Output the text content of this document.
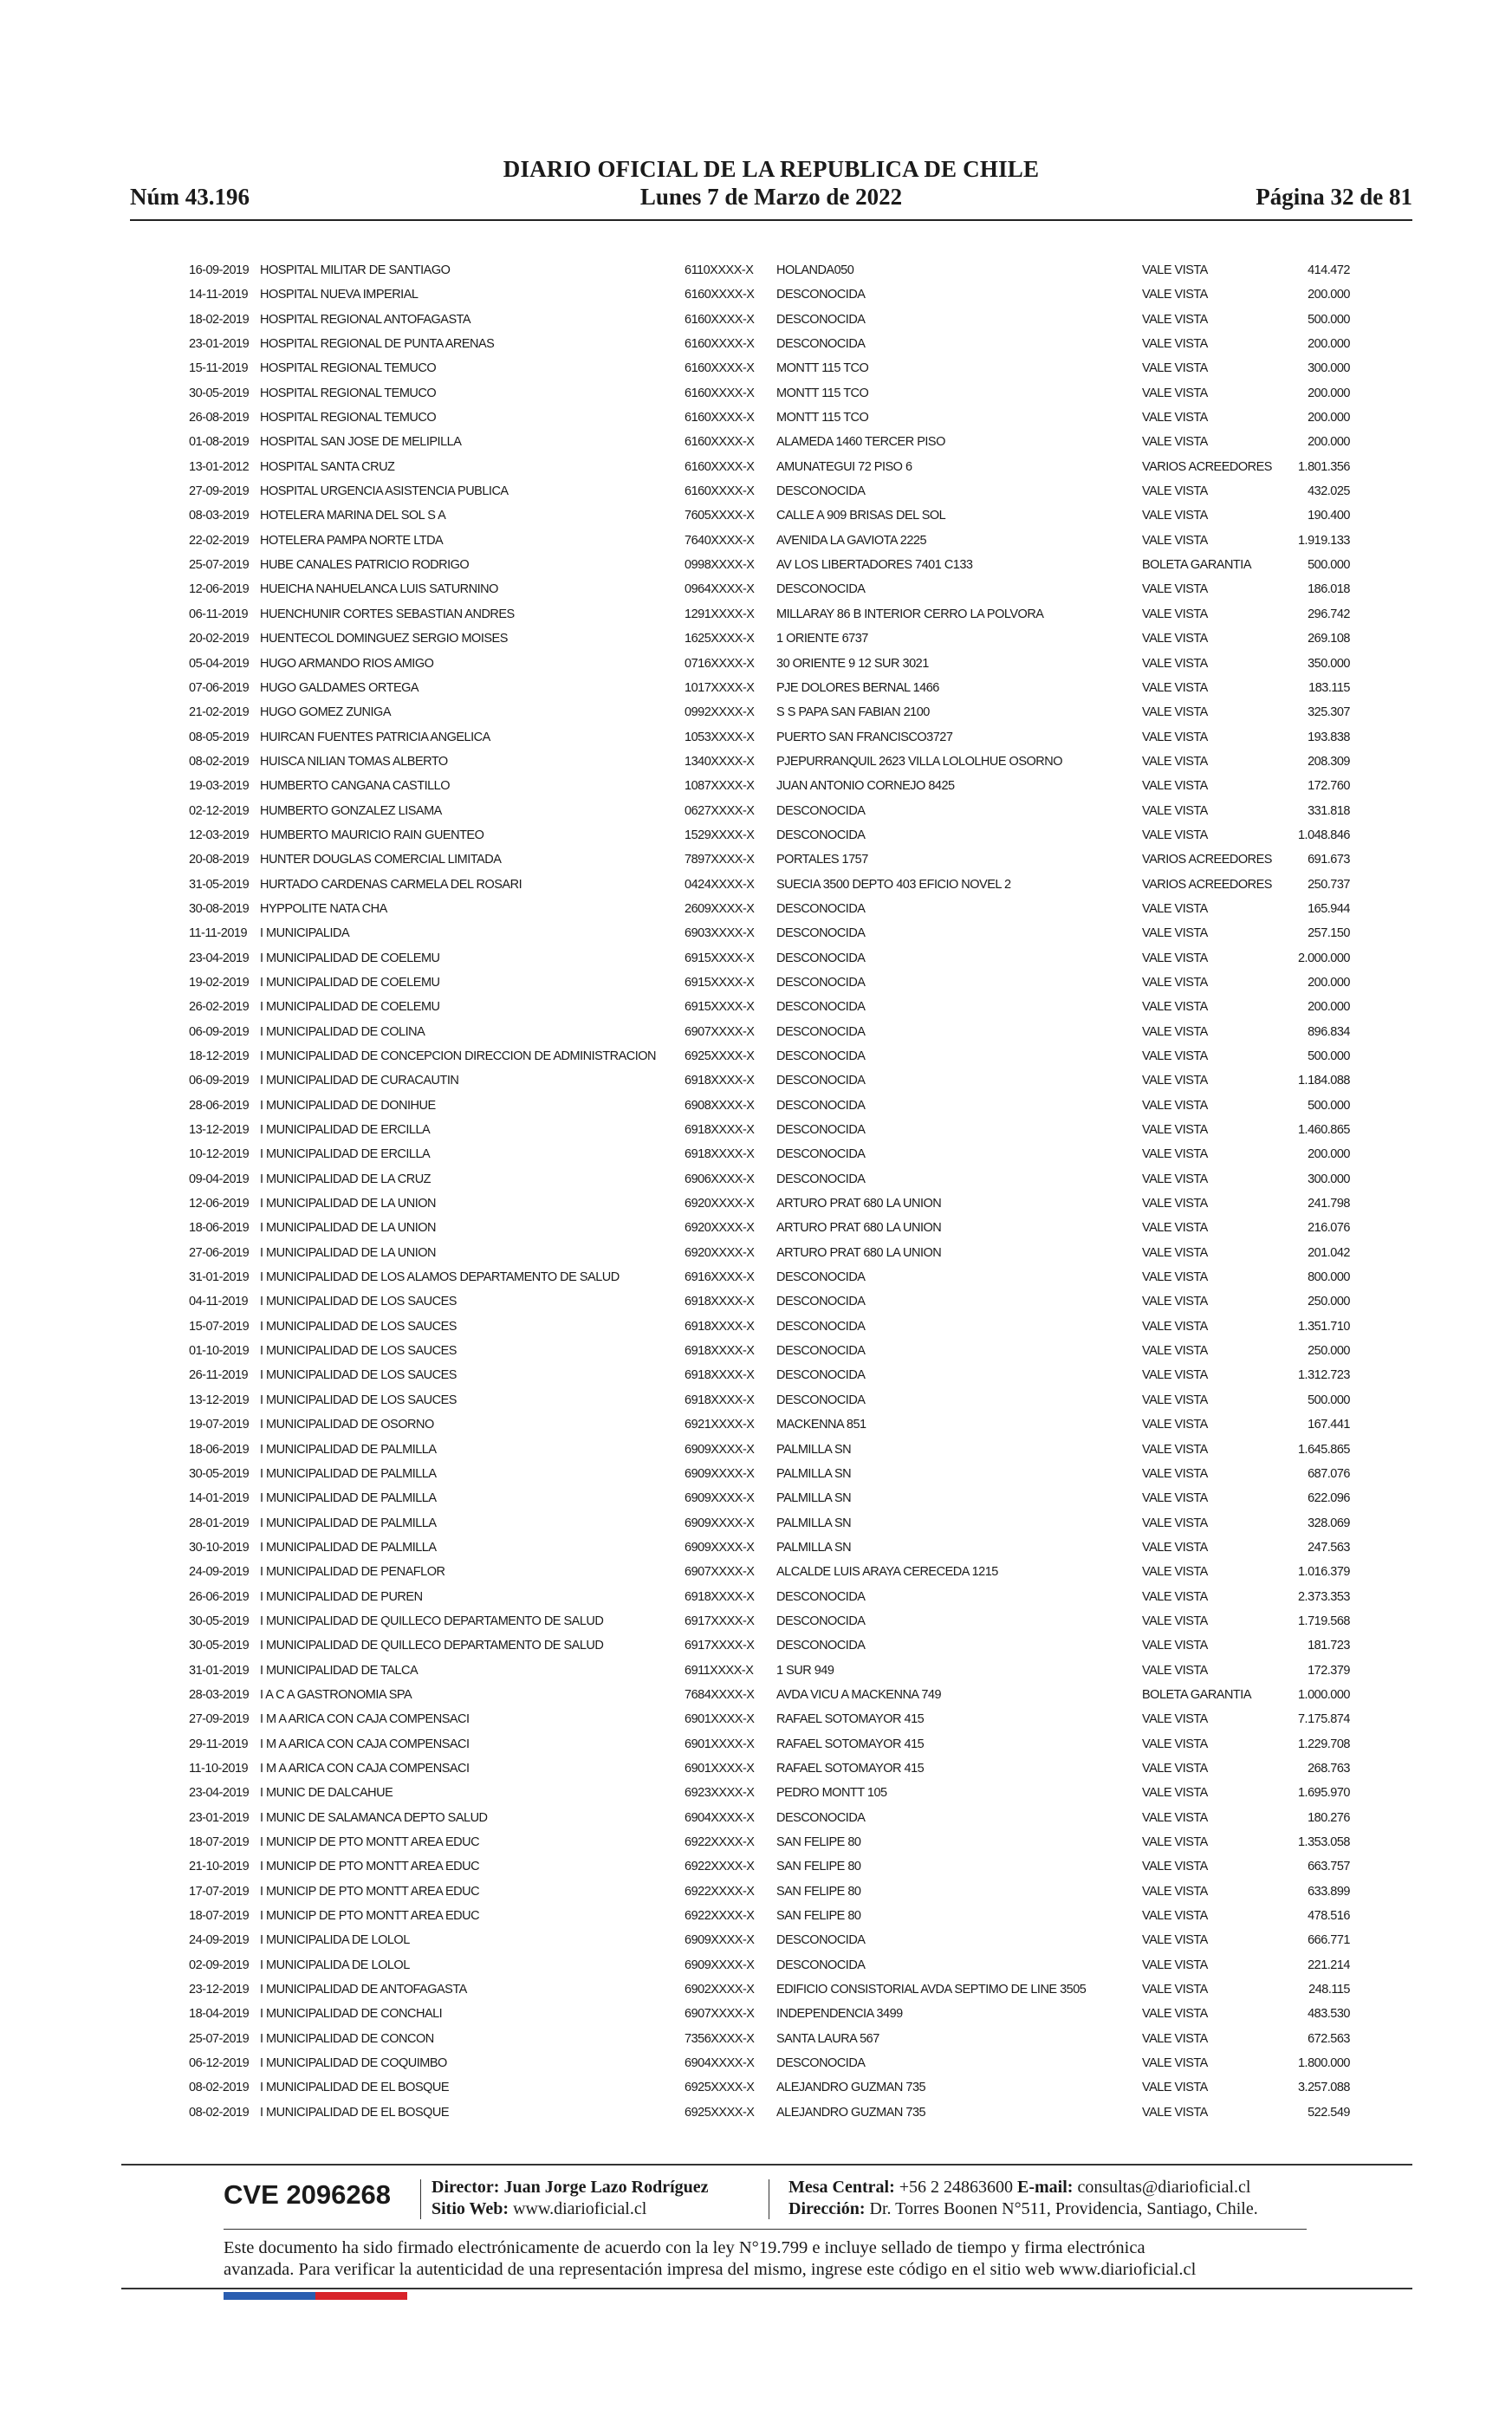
DIARIO OFICIAL DE LA REPUBLICA DE CHILE
Núm 43.196	Lunes 7 de Marzo de 2022	Página 32 de 81
16-09-2019 HOSPITAL MILITAR DE SANTIAGO	6110XXXX-X HOLANDA050	VALE VISTA	414.472
14-11-2019 HOSPITAL NUEVA IMPERIAL	6160XXXX-X DESCONOCIDA	VALE VISTA	200.000
18-02-2019 HOSPITAL REGIONAL ANTOFAGASTA	6160XXXX-X DESCONOCIDA	VALE VISTA	500.000
23-01-2019 HOSPITAL REGIONAL DE PUNTA ARENAS	6160XXXX-X DESCONOCIDA	VALE VISTA	200.000
15-11-2019 HOSPITAL REGIONAL TEMUCO	6160XXXX-X MONTT 115 TCO	VALE VISTA	300.000
30-05-2019 HOSPITAL REGIONAL TEMUCO	6160XXXX-X MONTT 115 TCO	VALE VISTA	200.000
26-08-2019 HOSPITAL REGIONAL TEMUCO	6160XXXX-X MONTT 115 TCO	VALE VISTA	200.000
01-08-2019 HOSPITAL SAN JOSE DE MELIPILLA	6160XXXX-X ALAMEDA 1460 TERCER PISO	VALE VISTA	200.000
13-01-2012 HOSPITAL SANTA CRUZ	6160XXXX-X AMUNATEGUI 72 PISO 6	VARIOS ACREEDORES 1.801.356
27-09-2019 HOSPITAL URGENCIA ASISTENCIA PUBLICA	6160XXXX-X DESCONOCIDA	VALE VISTA	432.025
08-03-2019 HOTELERA MARINA DEL SOL S A	7605XXXX-X CALLE A 909 BRISAS DEL SOL	VALE VISTA	190.400
22-02-2019 HOTELERA PAMPA NORTE LTDA	7640XXXX-X AVENIDA LA GAVIOTA 2225	VALE VISTA	1.919.133
25-07-2019 HUBE CANALES PATRICIO RODRIGO	0998XXXX-X AV LOS LIBERTADORES 7401 C133	BOLETA GARANTIA	500.000
12-06-2019 HUEICHA NAHUELANCA LUIS SATURNINO	0964XXXX-X DESCONOCIDA	VALE VISTA	186.018
06-11-2019 HUENCHUNIR CORTES SEBASTIAN ANDRES	1291XXXX-X MILLARAY 86 B INTERIOR CERRO LA POLVORA	VALE VISTA	296.742
20-02-2019 HUENTECOL DOMINGUEZ SERGIO MOISES	1625XXXX-X 1 ORIENTE 6737	VALE VISTA	269.108
05-04-2019 HUGO ARMANDO RIOS AMIGO	0716XXXX-X 30 ORIENTE 9 12 SUR 3021	VALE VISTA	350.000
07-06-2019 HUGO GALDAMES ORTEGA	1017XXXX-X PJE DOLORES BERNAL 1466	VALE VISTA	183.115
21-02-2019 HUGO GOMEZ ZUNIGA	0992XXXX-X S S PAPA SAN FABIAN 2100	VALE VISTA	325.307
08-05-2019 HUIRCAN FUENTES PATRICIA ANGELICA	1053XXXX-X PUERTO SAN FRANCISCO3727	VALE VISTA	193.838
08-02-2019 HUISCA NILIAN TOMAS ALBERTO	1340XXXX-X PJEPURRANQUIL 2623 VILLA LOLOLHUE OSORNO	VALE VISTA	208.309
19-03-2019 HUMBERTO CANGANA CASTILLO	1087XXXX-X JUAN ANTONIO CORNEJO 8425	VALE VISTA	172.760
02-12-2019 HUMBERTO GONZALEZ LISAMA	0627XXXX-X DESCONOCIDA	VALE VISTA	331.818
12-03-2019 HUMBERTO MAURICIO RAIN GUENTEO	1529XXXX-X DESCONOCIDA	VALE VISTA	1.048.846
20-08-2019 HUNTER DOUGLAS COMERCIAL LIMITADA	7897XXXX-X PORTALES 1757	VARIOS ACREEDORES	691.673
31-05-2019 HURTADO CARDENAS CARMELA DEL ROSARI	0424XXXX-X SUECIA 3500 DEPTO 403 EFICIO NOVEL 2	VARIOS ACREEDORES	250.737
30-08-2019 HYPPOLITE NATA CHA	2609XXXX-X DESCONOCIDA	VALE VISTA	165.944
11-11-2019 I MUNICIPALIDA	6903XXXX-X DESCONOCIDA	VALE VISTA	257.150
23-04-2019 I MUNICIPALIDAD DE COELEMU	6915XXXX-X DESCONOCIDA	VALE VISTA	2.000.000
19-02-2019 I MUNICIPALIDAD DE COELEMU	6915XXXX-X DESCONOCIDA	VALE VISTA	200.000
26-02-2019 I MUNICIPALIDAD DE COELEMU	6915XXXX-X DESCONOCIDA	VALE VISTA	200.000
06-09-2019 I MUNICIPALIDAD DE COLINA	6907XXXX-X DESCONOCIDA	VALE VISTA	896.834
18-12-2019 I MUNICIPALIDAD DE CONCEPCION DIRECCION DE ADMINISTRACION 6925XXXX-X DESCONOCIDA	VALE VISTA	500.000
06-09-2019 I MUNICIPALIDAD DE CURACAUTIN	6918XXXX-X DESCONOCIDA	VALE VISTA	1.184.088
28-06-2019 I MUNICIPALIDAD DE DONIHUE	6908XXXX-X DESCONOCIDA	VALE VISTA	500.000
13-12-2019 I MUNICIPALIDAD DE ERCILLA	6918XXXX-X DESCONOCIDA	VALE VISTA	1.460.865
10-12-2019 I MUNICIPALIDAD DE ERCILLA	6918XXXX-X DESCONOCIDA	VALE VISTA	200.000
09-04-2019 I MUNICIPALIDAD DE LA CRUZ	6906XXXX-X DESCONOCIDA	VALE VISTA	300.000
12-06-2019 I MUNICIPALIDAD DE LA UNION	6920XXXX-X ARTURO PRAT 680 LA UNION	VALE VISTA	241.798
18-06-2019 I MUNICIPALIDAD DE LA UNION	6920XXXX-X ARTURO PRAT 680 LA UNION	VALE VISTA	216.076
27-06-2019 I MUNICIPALIDAD DE LA UNION	6920XXXX-X ARTURO PRAT 680 LA UNION	VALE VISTA	201.042
31-01-2019 I MUNICIPALIDAD DE LOS ALAMOS DEPARTAMENTO DE SALUD	6916XXXX-X DESCONOCIDA	VALE VISTA	800.000
04-11-2019 I MUNICIPALIDAD DE LOS SAUCES	6918XXXX-X DESCONOCIDA	VALE VISTA	250.000
15-07-2019 I MUNICIPALIDAD DE LOS SAUCES	6918XXXX-X DESCONOCIDA	VALE VISTA	1.351.710
01-10-2019 I MUNICIPALIDAD DE LOS SAUCES	6918XXXX-X DESCONOCIDA	VALE VISTA	250.000
26-11-2019 I MUNICIPALIDAD DE LOS SAUCES	6918XXXX-X DESCONOCIDA	VALE VISTA	1.312.723
13-12-2019 I MUNICIPALIDAD DE LOS SAUCES	6918XXXX-X DESCONOCIDA	VALE VISTA	500.000
19-07-2019 I MUNICIPALIDAD DE OSORNO	6921XXXX-X MACKENNA 851	VALE VISTA	167.441
18-06-2019 I MUNICIPALIDAD DE PALMILLA	6909XXXX-X PALMILLA SN	VALE VISTA	1.645.865
30-05-2019 I MUNICIPALIDAD DE PALMILLA	6909XXXX-X PALMILLA SN	VALE VISTA	687.076
14-01-2019 I MUNICIPALIDAD DE PALMILLA	6909XXXX-X PALMILLA SN	VALE VISTA	622.096
28-01-2019 I MUNICIPALIDAD DE PALMILLA	6909XXXX-X PALMILLA SN	VALE VISTA	328.069
30-10-2019 I MUNICIPALIDAD DE PALMILLA	6909XXXX-X PALMILLA SN	VALE VISTA	247.563
24-09-2019 I MUNICIPALIDAD DE PENAFLOR	6907XXXX-X ALCALDE LUIS ARAYA CERECEDA 1215	VALE VISTA	1.016.379
26-06-2019 I MUNICIPALIDAD DE PUREN	6918XXXX-X DESCONOCIDA	VALE VISTA	2.373.353
30-05-2019 I MUNICIPALIDAD DE QUILLECO DEPARTAMENTO DE SALUD	6917XXXX-X DESCONOCIDA	VALE VISTA	1.719.568
30-05-2019 I MUNICIPALIDAD DE QUILLECO DEPARTAMENTO DE SALUD	6917XXXX-X DESCONOCIDA	VALE VISTA	181.723
31-01-2019 I MUNICIPALIDAD DE TALCA	6911XXXX-X 1 SUR 949	VALE VISTA	172.379
28-03-2019 I A C A GASTRONOMIA SPA	7684XXXX-X AVDA VICU A MACKENNA 749	BOLETA GARANTIA	1.000.000
27-09-2019 I M A ARICA CON CAJA COMPENSACI	6901XXXX-X RAFAEL SOTOMAYOR 415	VALE VISTA	7.175.874
29-11-2019 I M A ARICA CON CAJA COMPENSACI	6901XXXX-X RAFAEL SOTOMAYOR 415	VALE VISTA	1.229.708
11-10-2019 I M A ARICA CON CAJA COMPENSACI	6901XXXX-X RAFAEL SOTOMAYOR 415	VALE VISTA	268.763
23-04-2019 I MUNIC DE DALCAHUE	6923XXXX-X PEDRO MONTT 105	VALE VISTA	1.695.970
23-01-2019 I MUNIC DE SALAMANCA DEPTO SALUD	6904XXXX-X DESCONOCIDA	VALE VISTA	180.276
18-07-2019 I MUNICIP DE PTO MONTT AREA EDUC	6922XXXX-X SAN FELIPE 80	VALE VISTA	1.353.058
21-10-2019 I MUNICIP DE PTO MONTT AREA EDUC	6922XXXX-X SAN FELIPE 80	VALE VISTA	663.757
17-07-2019 I MUNICIP DE PTO MONTT AREA EDUC	6922XXXX-X SAN FELIPE 80	VALE VISTA	633.899
18-07-2019 I MUNICIP DE PTO MONTT AREA EDUC	6922XXXX-X SAN FELIPE 80	VALE VISTA	478.516
24-09-2019 I MUNICIPALIDA DE LOLOL	6909XXXX-X DESCONOCIDA	VALE VISTA	666.771
02-09-2019 I MUNICIPALIDA DE LOLOL	6909XXXX-X DESCONOCIDA	VALE VISTA	221.214
23-12-2019 I MUNICIPALIDAD DE ANTOFAGASTA	6902XXXX-X EDIFICIO CONSISTORIAL AVDA SEPTIMO DE LINE 3505	VALE VISTA	248.115
18-04-2019 I MUNICIPALIDAD DE CONCHALI	6907XXXX-X INDEPENDENCIA 3499	VALE VISTA	483.530
25-07-2019 I MUNICIPALIDAD DE CONCON	7356XXXX-X SANTA LAURA 567	VALE VISTA	672.563
06-12-2019 I MUNICIPALIDAD DE COQUIMBO	6904XXXX-X DESCONOCIDA	VALE VISTA	1.800.000
08-02-2019 I MUNICIPALIDAD DE EL BOSQUE	6925XXXX-X ALEJANDRO GUZMAN 735	VALE VISTA	3.257.088
08-02-2019 I MUNICIPALIDAD DE EL BOSQUE	6925XXXX-X ALEJANDRO GUZMAN 735	VALE VISTA	522.549
CVE 2096268 Director: Juan Jorge Lazo Rodríguez
Sitio Web: www.diarioficial.cl
Mesa Central: +56 2 24863600 E-mail: consultas@diarioficial.cl
Dirección: Dr. Torres Boonen N°511, Providencia, Santiago, Chile.
Este documento ha sido firmado electrónicamente de acuerdo con la ley N°19.799 e incluye sellado de tiempo y firma electrónica
avanzada. Para verificar la autenticidad de una representación impresa del mismo, ingrese este código en el sitio web www.diarioficial.cl
